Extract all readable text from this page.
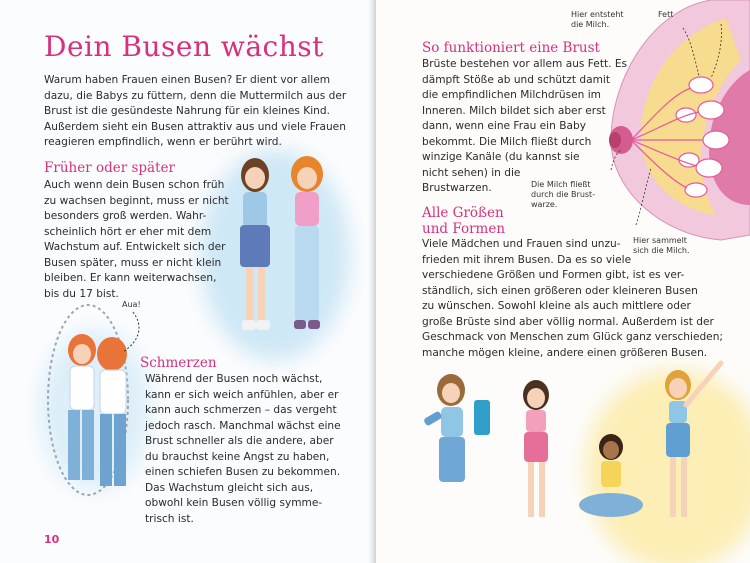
Dein Busen wächst
Warum haben Frauen einen Busen? Er dient vor allem
dazu, die Babys zu füttern, denn die Muttermilch aus der
Brust ist die gesündeste Nahrung für ein kleines Kind.
Außerdem sieht ein Busen attraktiv aus und viele Frauen
reagieren empfindlich, wenn er berührt wird.
Früher oder später
Auch wenn dein Busen schon früh
zu wachsen beginnt, muss er nicht
besonders groß werden. Wahr-
scheinlich hört er eher mit dem
Wachstum auf. Entwickelt sich der
Busen später, muss er nicht klein
bleiben. Er kann weiterwachsen,
bis du 17 bist.
Aua!
Schmerzen
Während der Busen noch wächst,
kann er sich weich anfühlen, aber er
kann auch schmerzen – das vergeht
jedoch rasch. Manchmal wächst eine
Brust schneller als die andere, aber
du brauchst keine Angst zu haben,
einen schiefen Busen zu bekommen.
Das Wachstum gleicht sich aus,
obwohl kein Busen völlig symme-
trisch ist.
10
So funktioniert eine Brust
Brüste bestehen vor allem aus Fett. Es
dämpft Stöße ab und schützt damit
die empfindlichen Milchdrüsen im
Inneren. Milch bildet sich aber erst
dann, wenn eine Frau ein Baby
bekommt. Die Milch fließt durch
winzige Kanäle (du kannst sie
nicht sehen) in die
Brustwarzen.
Hier entsteht
die Milch.
Fett
Die Milch fließt
durch die Brust-
warze.
Hier sammelt
sich die Milch.
Alle Größen
und Formen
Viele Mädchen und Frauen sind unzu-
frieden mit ihrem Busen. Da es so viele
verschiedene Größen und Formen gibt, ist es ver-
ständlich, sich einen größeren oder kleineren Busen
zu wünschen. Sowohl kleine als auch mittlere oder
große Brüste sind aber völlig normal. Außerdem ist der
Geschmack von Menschen zum Glück ganz verschieden;
manche mögen kleine, andere einen größeren Busen.
